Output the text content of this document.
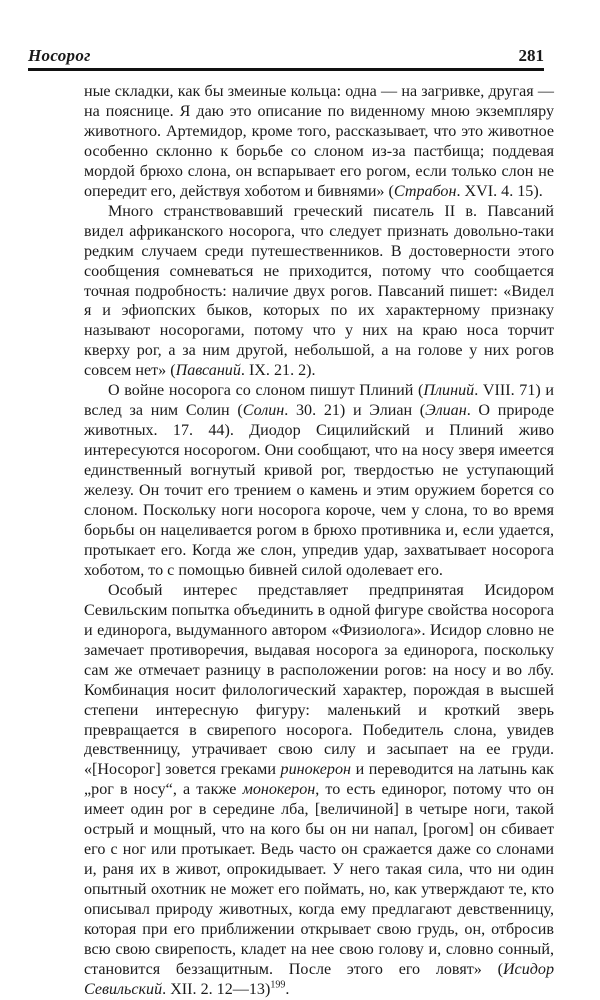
Носорог	281

ные складки, как бы змеиные кольца: одна — на загривке, другая — на пояснице. Я даю это описание по виденному мною экземпляру животного. Артемидор, кроме того, рассказывает, что это животное особенно склонно к борьбе со слоном из-за пастбища; поддевая мордой брюхо слона, он вспарывает его рогом, если только слон не опередит его, действуя хоботом и бивнями» (Страбон. XVI. 4. 15).

Много странствовавший греческий писатель II в. Павсаний видел африканского носорога, что следует признать довольно-таки редким случаем среди путешественников. В достоверности этого сообщения сомневаться не приходится, потому что сообщается точная подробность: наличие двух рогов. Павсаний пишет: «Видел я и эфиопских быков, которых по их характерному признаку называют носорогами, потому что у них на краю носа торчит кверху рог, а за ним другой, небольшой, а на голове у них рогов совсем нет» (Павсаний. IX. 21. 2).

О войне носорога со слоном пишут Плиний (Плиний. VIII. 71) и вслед за ним Солин (Солин. 30. 21) и Элиан (Элиан. О природе животных. 17. 44). Диодор Сицилийский и Плиний живо интересуются носорогом. Они сообщают, что на носу зверя имеется единственный вогнутый кривой рог, твердостью не уступающий железу. Он точит его трением о камень и этим оружием борется со слоном. Поскольку ноги носорога короче, чем у слона, то во время борьбы он нацеливается рогом в брюхо противника и, если удается, протыкает его. Когда же слон, упредив удар, захватывает носорога хоботом, то с помощью бивней силой одолевает его.

Особый интерес представляет предпринятая Исидором Севильским попытка объединить в одной фигуре свойства носорога и единорога, выдуманного автором «Физиолога». Исидор словно не замечает противоречия, выдавая носорога за единорога, поскольку сам же отмечает разницу в расположении рогов: на носу и во лбу. Комбинация носит филологический характер, порождая в высшей степени интересную фигуру: маленький и кроткий зверь превращается в свирепого носорога. Победитель слона, увидев девственницу, утрачивает свою силу и засыпает на ее груди. «[Носорог] зовется греками ринокерон и переводится на латынь как „рог в носу“, а также монокерон, то есть единорог, потому что он имеет один рог в середине лба, [величиной] в четыре ноги, такой острый и мощный, что на кого бы он ни напал, [рогом] он сбивает его с ног или протыкает. Ведь часто он сражается даже со слонами и, раня их в живот, опрокидывает. У него такая сила, что ни один опытный охотник не может его поймать, но, как утверждают те, кто описывал природу животных, когда ему предлагают девственницу, которая при его приближении открывает свою грудь, он, отбросив всю свою свирепость, кладет на нее свою голову и, словно сонный, становится беззащитным. После этого его ловят» (Исидор Севильский. XII. 2. 12—13)$^{199}$.
